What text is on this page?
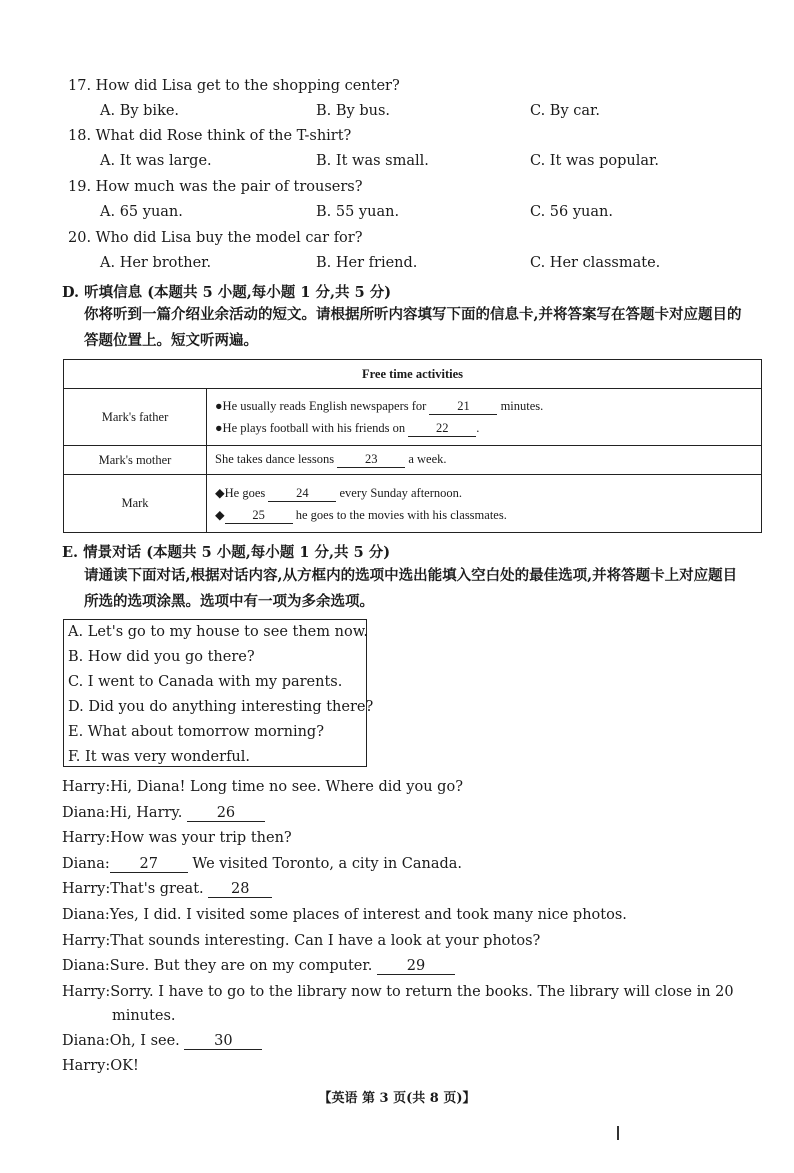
17. How did Lisa get to the shopping center?
A. By bike.	B. By bus.	C. By car.
18. What did Rose think of the T-shirt?
A. It was large.	B. It was small.	C. It was popular.
19. How much was the pair of trousers?
A. 65 yuan.	B. 55 yuan.	C. 56 yuan.
20. Who did Lisa buy the model car for?
A. Her brother.	B. Her friend.	C. Her classmate.
D. 听填信息 (本题共 5 小题,每小题 1 分,共 5 分)
你将听到一篇介绍业余活动的短文。请根据所听内容填写下面的信息卡,并将答案写在答题卡对应题目的答题位置上。短文听两遍。
Free time activities	
Mark's father	●He usually reads English newspapers for 21 minutes.
●He plays football with his friends on 22 .

Mark's mother	She takes dance lessons 23 a week.
Mark	◆He goes 24 every Sunday afternoon.
◆ 25 he goes to the movies with his classmates.
E. 情景对话 (本题共 5 小题,每小题 1 分,共 5 分)
请通读下面对话,根据对话内容,从方框内的选项中选出能填入空白处的最佳选项,并将答题卡上对应题目所选的选项涂黑。选项中有一项为多余选项。
A. Let's go to my house to see them now.
B. How did you go there?
C. I went to Canada with my parents.
D. Did you do anything interesting there?
E. What about tomorrow morning?
F. It was very wonderful.
Harry:Hi, Diana! Long time no see. Where did you go?
Diana:Hi, Harry. 26
Harry:How was your trip then?
Diana: 27 We visited Toronto, a city in Canada.
Harry:That's great. 28
Diana:Yes, I did. I visited some places of interest and took many nice photos.
Harry:That sounds interesting. Can I have a look at your photos?
Diana:Sure. But they are on my computer. 29
Harry:Sorry. I have to go to the library now to return the books. The library will close in 20
minutes.
Diana:Oh, I see. 30
Harry:OK!
【英语 第 3 页(共 8 页)】
